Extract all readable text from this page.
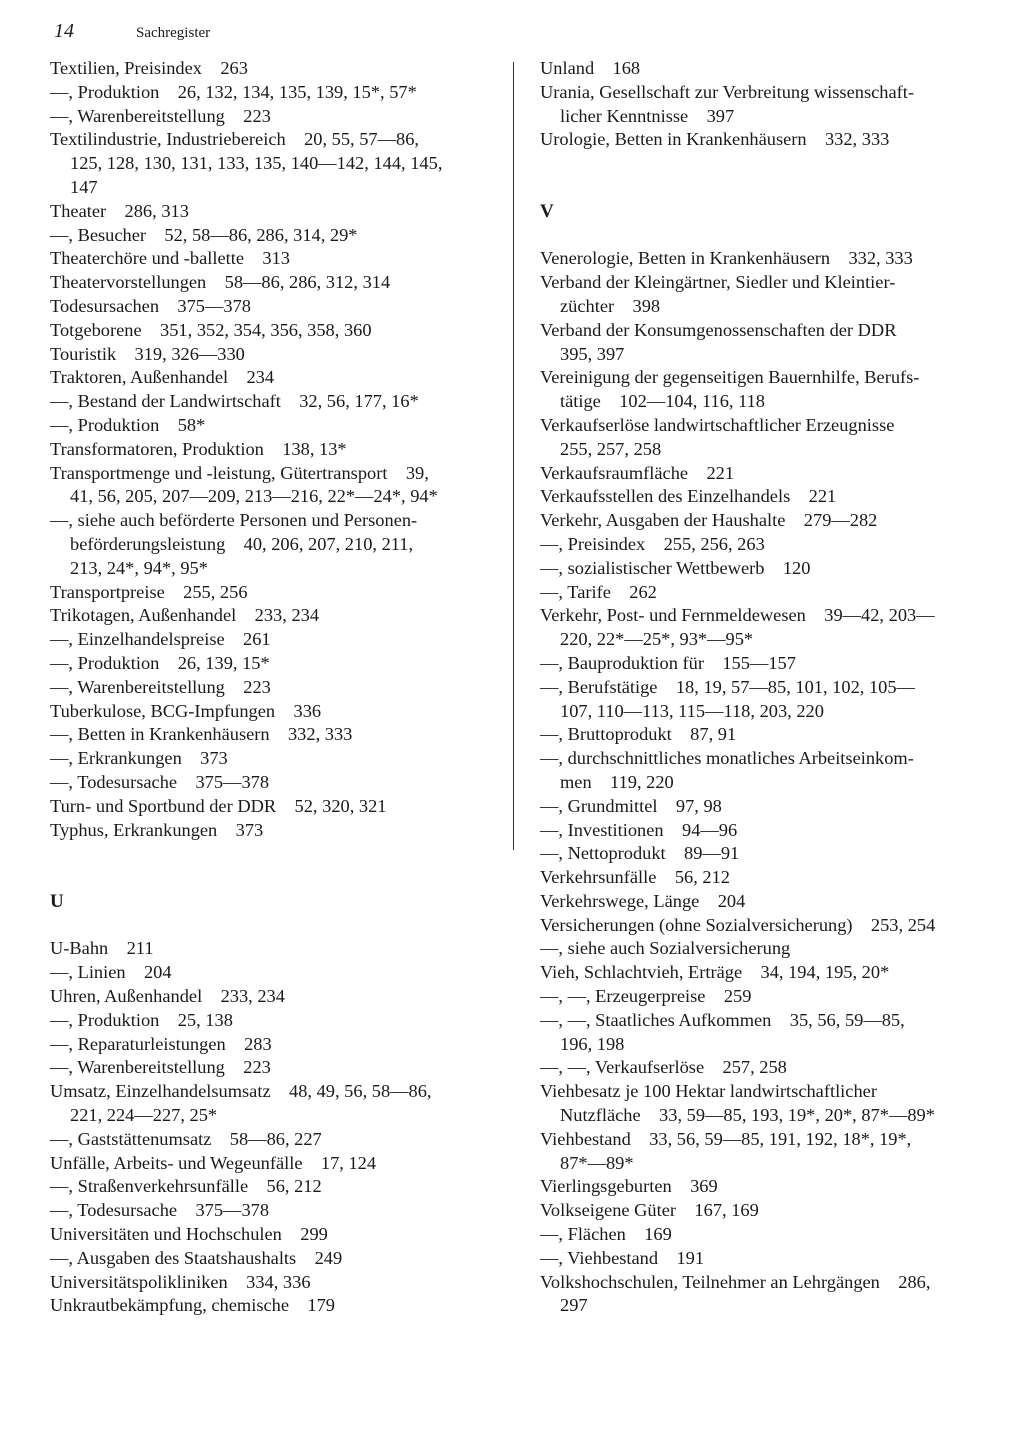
14	Sachregister
Textilien, Preisindex 263
—, Produktion 26, 132, 134, 135, 139, 15*, 57*
—, Warenbereitstellung 223
Textilindustrie, Industriebereich 20, 55, 57—86,
125, 128, 130, 131, 133, 135, 140—142, 144, 145,
147
Theater 286, 313
—, Besucher 52, 58—86, 286, 314, 29*
Theaterchöre und -ballette 313
Theatervorstellungen 58—86, 286, 312, 314
Todesursachen 375—378
Totgeborene 351, 352, 354, 356, 358, 360
Touristik 319, 326—330
Traktoren, Außenhandel 234
—, Bestand der Landwirtschaft 32, 56, 177, 16*
—, Produktion 58*
Transformatoren, Produktion 138, 13*
Transportmenge und -leistung, Gütertransport 39,
41, 56, 205, 207—209, 213—216, 22*—24*, 94*
—, siehe auch beförderte Personen und Personen-
beförderungsleistung 40, 206, 207, 210, 211,
213, 24*, 94*, 95*
Transportpreise 255, 256
Trikotagen, Außenhandel 233, 234
—, Einzelhandelspreise 261
—, Produktion 26, 139, 15*
—, Warenbereitstellung 223
Tuberkulose, BCG-Impfungen 336
—, Betten in Krankenhäusern 332, 333
—, Erkrankungen 373
—, Todesursache 375—378
Turn- und Sportbund der DDR 52, 320, 321
Typhus, Erkrankungen 373
U
U-Bahn 211
—, Linien 204
Uhren, Außenhandel 233, 234
—, Produktion 25, 138
—, Reparaturleistungen 283
—, Warenbereitstellung 223
Umsatz, Einzelhandelsumsatz 48, 49, 56, 58—86,
221, 224—227, 25*
—, Gaststättenumsatz 58—86, 227
Unfälle, Arbeits- und Wegeunfälle 17, 124
—, Straßenverkehrsunfälle 56, 212
—, Todesursache 375—378
Universitäten und Hochschulen 299
—, Ausgaben des Staatshaushalts 249
Universitätspolikliniken 334, 336
Unkrautbekämpfung, chemische 179
Unland 168
Urania, Gesellschaft zur Verbreitung wissenschaft-
licher Kenntnisse 397
Urologie, Betten in Krankenhäusern 332, 333
V
Venerologie, Betten in Krankenhäusern 332, 333
Verband der Kleingärtner, Siedler und Kleintier-
züchter 398
Verband der Konsumgenossenschaften der DDR
395, 397
Vereinigung der gegenseitigen Bauernhilfe, Berufs-
tätige 102—104, 116, 118
Verkaufserlöse landwirtschaftlicher Erzeugnisse
255, 257, 258
Verkaufsraumfläche 221
Verkaufsstellen des Einzelhandels 221
Verkehr, Ausgaben der Haushalte 279—282
—, Preisindex 255, 256, 263
—, sozialistischer Wettbewerb 120
—, Tarife 262
Verkehr, Post- und Fernmeldewesen 39—42, 203—
220, 22*—25*, 93*—95*
—, Bauproduktion für 155—157
—, Berufstätige 18, 19, 57—85, 101, 102, 105—
107, 110—113, 115—118, 203, 220
—, Bruttoprodukt 87, 91
—, durchschnittliches monatliches Arbeitseinkom-
men 119, 220
—, Grundmittel 97, 98
—, Investitionen 94—96
—, Nettoprodukt 89—91
Verkehrsunfälle 56, 212
Verkehrswege, Länge 204
Versicherungen (ohne Sozialversicherung) 253, 254
—, siehe auch Sozialversicherung
Vieh, Schlachtvieh, Erträge 34, 194, 195, 20*
—, —, Erzeugerpreise 259
—, —, Staatliches Aufkommen 35, 56, 59—85,
196, 198
—, —, Verkaufserlöse 257, 258
Viehbesatz je 100 Hektar landwirtschaftlicher
Nutzfläche 33, 59—85, 193, 19*, 20*, 87*—89*
Viehbestand 33, 56, 59—85, 191, 192, 18*, 19*,
87*—89*
Vierlingsgeburten 369
Volkseigene Güter 167, 169
—, Flächen 169
—, Viehbestand 191
Volkshochschulen, Teilnehmer an Lehrgängen 286,
297
